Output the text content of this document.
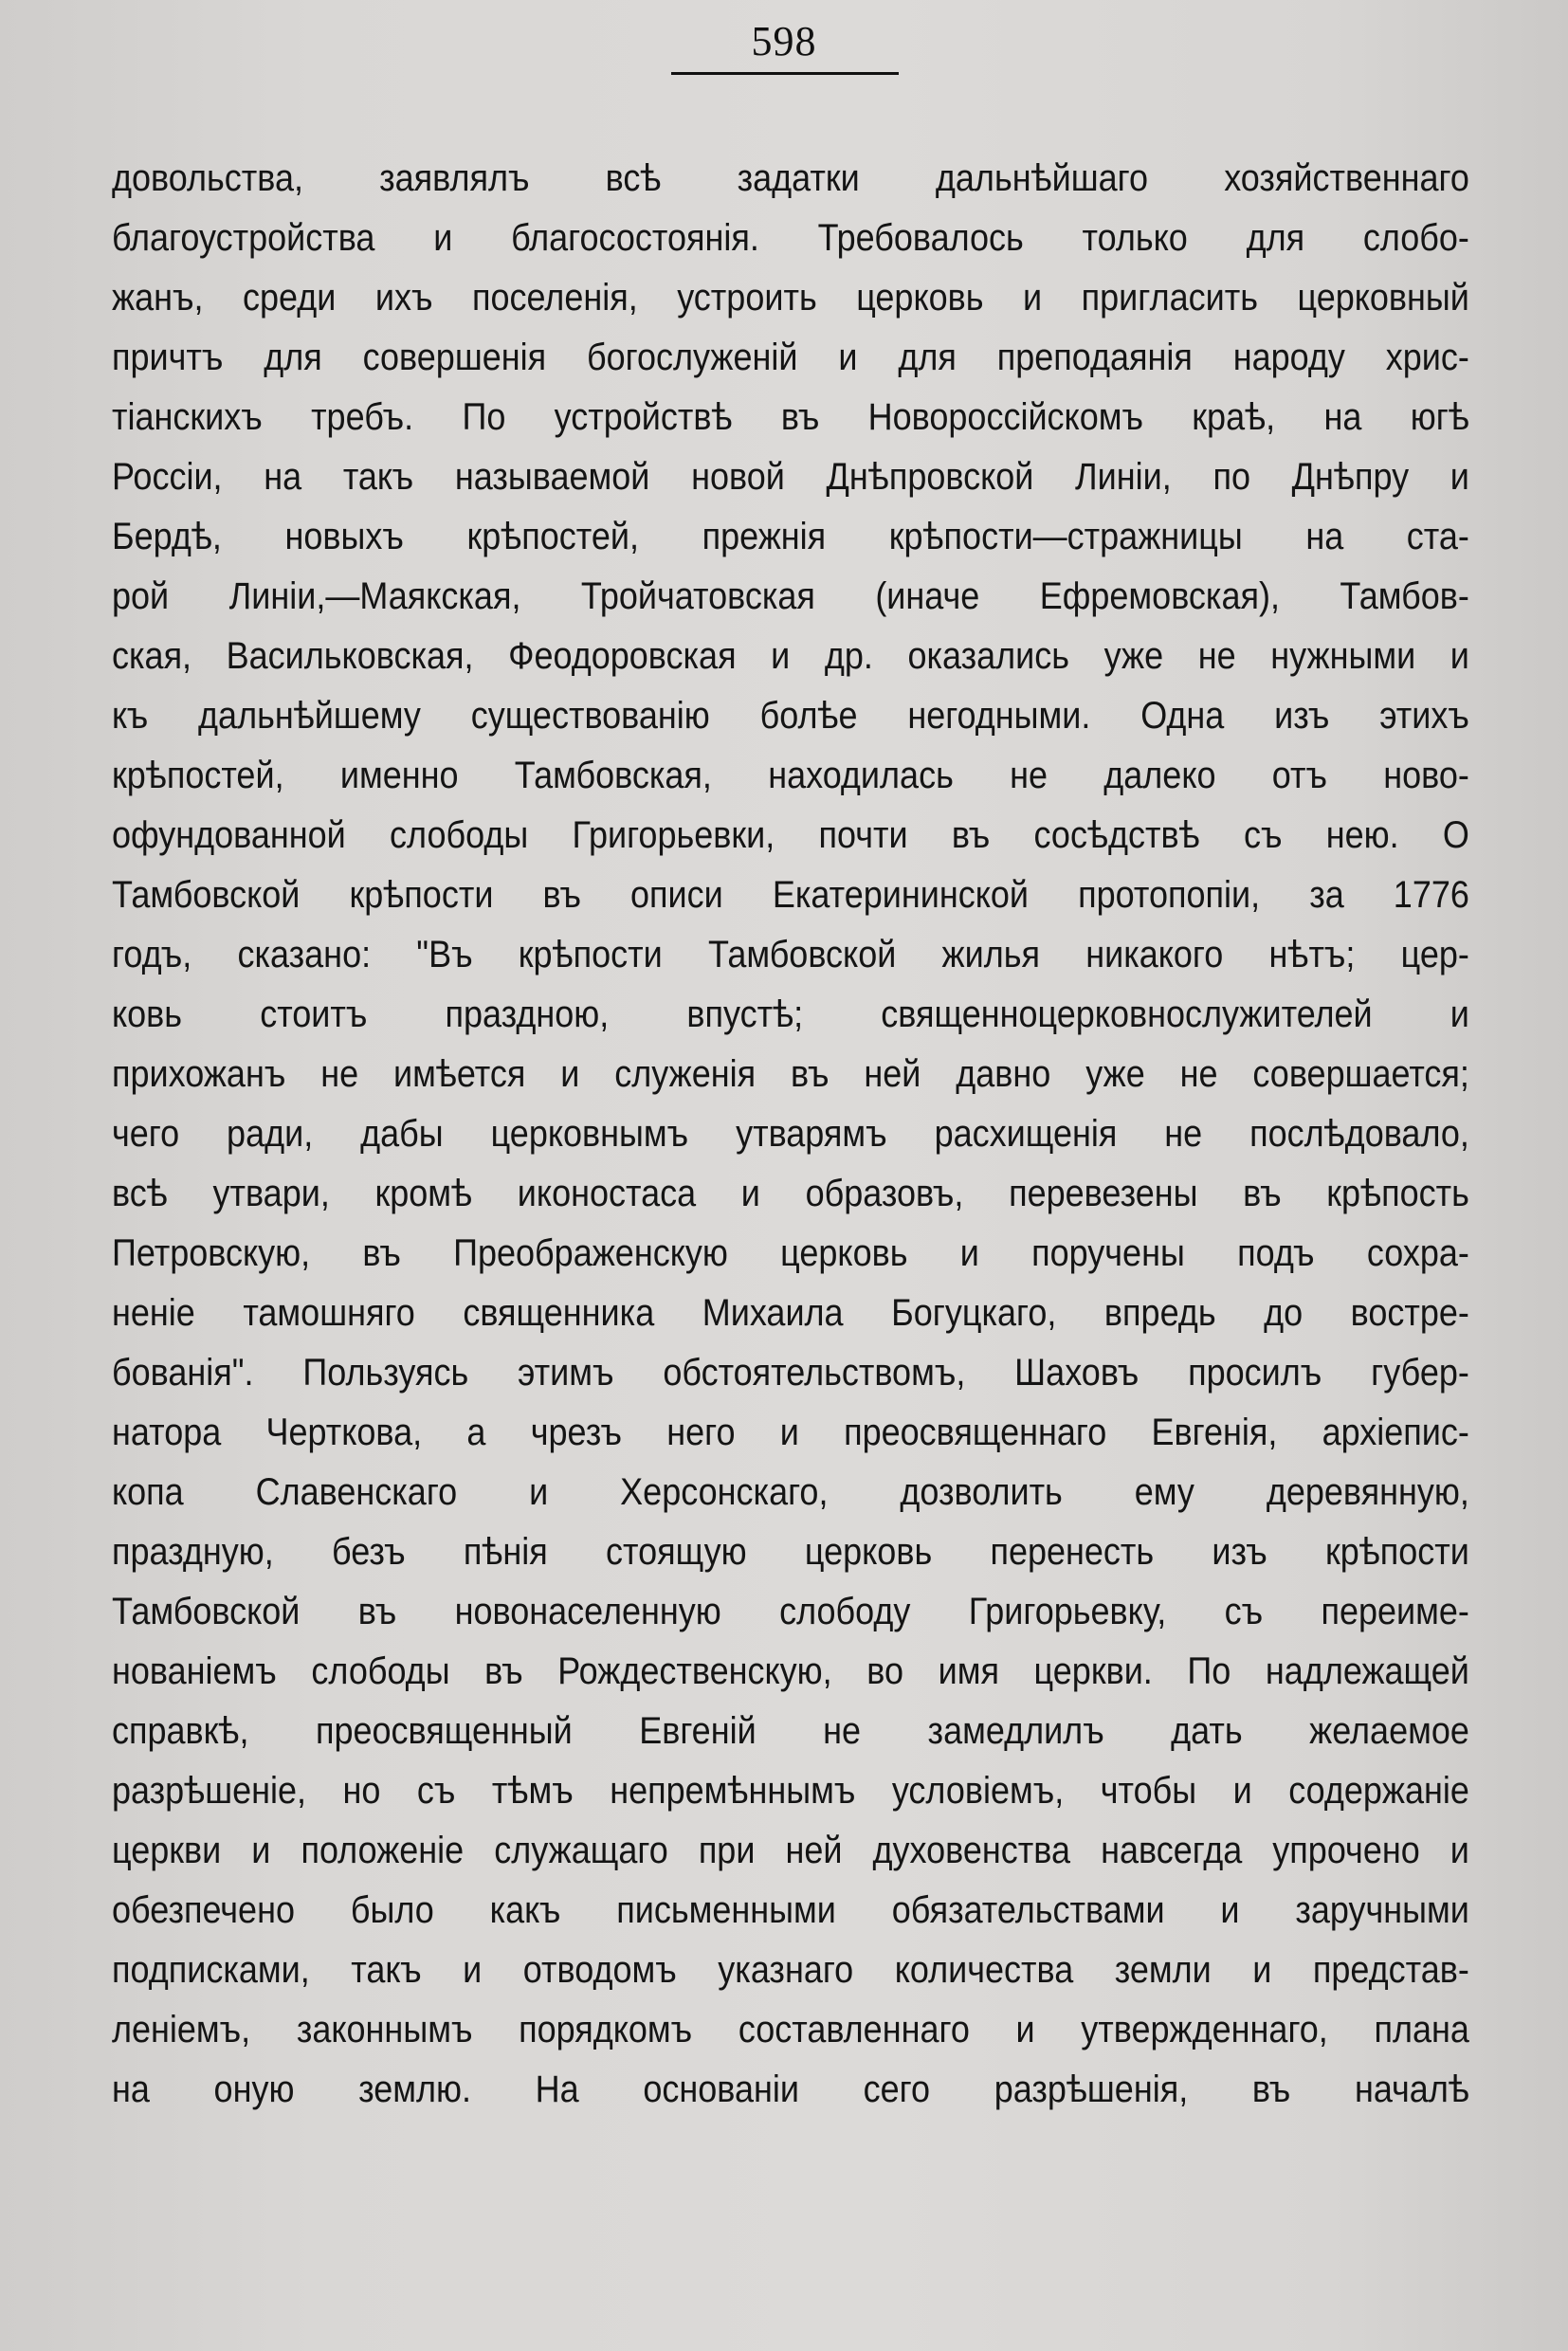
598
довольства, заявлялъ всѣ задатки дальнѣйшаго хозяйственнаго
благоустройства и благосостоянія. Требовалось только для слобо-
жанъ, среди ихъ поселенія, устроить церковь и пригласить церковный
причтъ для совершенія богослуженій и для преподаянія народу хрис-
тіанскихъ требъ. По устройствѣ въ Новороссійскомъ краѣ, на югѣ
Россіи, на такъ называемой новой Днѣпровской Линіи, по Днѣпру и
Бердѣ, новыхъ крѣпостей, прежнія крѣпости—стражницы на ста-
рой Линіи,—Маякская, Тройчатовская (иначе Ефремовская), Тамбов-
ская, Васильковская, Феодоровская и др. оказались уже не нужными и
къ дальнѣйшему существованію болѣе негодными. Одна изъ этихъ
крѣпостей, именно Тамбовская, находилась не далеко отъ ново-
офундованной слободы Григорьевки, почти въ сосѣдствѣ съ нею. О
Тамбовской крѣпости въ описи Екатерининской протопопіи, за 1776
годъ, сказано: "Въ крѣпости Тамбовской жилья никакого нѣтъ; цер-
ковь стоитъ праздною, впустѣ; священноцерковнослужителей и
прихожанъ не имѣется и служенія въ ней давно уже не совершается;
чего ради, дабы церковнымъ утварямъ расхищенія не послѣдовало,
всѣ утвари, кромѣ иконостаса и образовъ, перевезены въ крѣпость
Петровскую, въ Преображенскую церковь и поручены подъ сохра-
неніе тамошняго священника Михаила Богуцкаго, впредь до востре-
бованія". Пользуясь этимъ обстоятельствомъ, Шаховъ просилъ губер-
натора Черткова, а чрезъ него и преосвященнаго Евгенія, архіепис-
копа Славенскаго и Херсонскаго, дозволить ему деревянную,
праздную, безъ пѣнія стоящую церковь перенесть изъ крѣпости
Тамбовской въ новонаселенную слободу Григорьевку, съ переиме-
нованіемъ слободы въ Рождественскую, во имя церкви. По надлежащей
справкѣ, преосвященный Евгеній не замедлилъ дать желаемое
разрѣшеніе, но съ тѣмъ непремѣннымъ условіемъ, чтобы и содержаніе
церкви и положеніе служащаго при ней духовенства навсегда упрочено и
обезпечено было какъ письменными обязательствами и заручными
подписками, такъ и отводомъ указнаго количества земли и представ-
леніемъ, законнымъ порядкомъ составленнаго и утвержденнаго, плана
на оную землю. На основаніи сего разрѣшенія, въ началѣ
